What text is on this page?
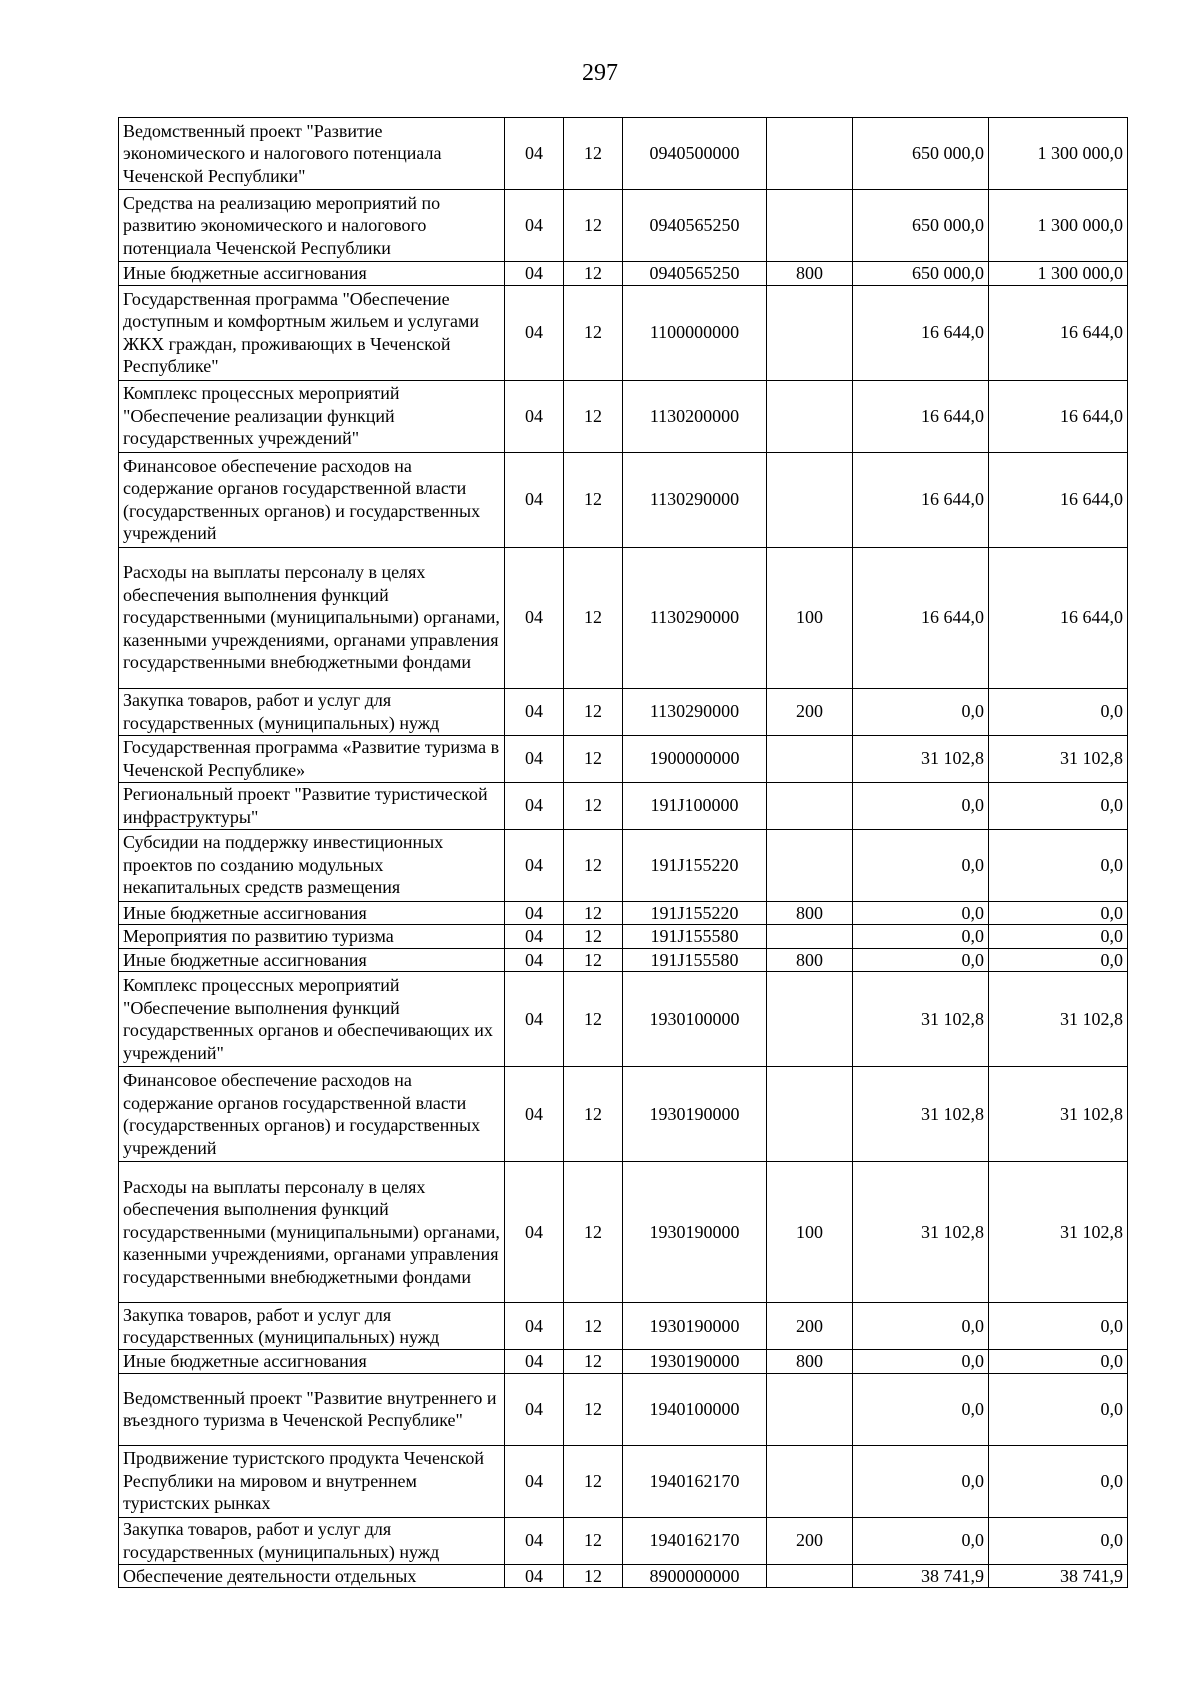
297
Ведомственный проект "Развитие экономического и налогового потенциала Чеченской Республики"	04	12	0940500000		650 000,0	1 300 000,0
Средства на реализацию мероприятий по развитию экономического и налогового потенциала Чеченской Республики	04	12	0940565250		650 000,0	1 300 000,0
Иные бюджетные ассигнования	04	12	0940565250	800	650 000,0	1 300 000,0
Государственная программа "Обеспечение доступным и комфортным жильем и услугами ЖКХ граждан, проживающих в Чеченской Республике"	04	12	1100000000		16 644,0	16 644,0
Комплекс процессных мероприятий "Обеспечение реализации функций государственных учреждений"	04	12	1130200000		16 644,0	16 644,0
Финансовое обеспечение расходов на содержание органов государственной власти (государственных органов) и государственных учреждений	04	12	1130290000		16 644,0	16 644,0
Расходы на выплаты персоналу в целях обеспечения выполнения функций государственными (муниципальными) органами, казенными учреждениями, органами управления государственными внебюджетными фондами	04	12	1130290000	100	16 644,0	16 644,0
Закупка товаров, работ и услуг для государственных (муниципальных) нужд	04	12	1130290000	200	0,0	0,0
Государственная программа «Развитие туризма в Чеченской Республике»	04	12	1900000000		31 102,8	31 102,8
Региональный проект "Развитие туристической инфраструктуры"	04	12	191J100000		0,0	0,0
Субсидии на поддержку инвестиционных проектов по созданию модульных некапитальных средств размещения	04	12	191J155220		0,0	0,0
Иные бюджетные ассигнования	04	12	191J155220	800	0,0	0,0
Мероприятия по развитию туризма	04	12	191J155580		0,0	0,0
Иные бюджетные ассигнования	04	12	191J155580	800	0,0	0,0
Комплекс процессных мероприятий "Обеспечение выполнения функций государственных органов и обеспечивающих их учреждений"	04	12	1930100000		31 102,8	31 102,8
Финансовое обеспечение расходов на содержание органов государственной власти (государственных органов) и государственных учреждений	04	12	1930190000		31 102,8	31 102,8
Расходы на выплаты персоналу в целях обеспечения выполнения функций государственными (муниципальными) органами, казенными учреждениями, органами управления государственными внебюджетными фондами	04	12	1930190000	100	31 102,8	31 102,8
Закупка товаров, работ и услуг для государственных (муниципальных) нужд	04	12	1930190000	200	0,0	0,0
Иные бюджетные ассигнования	04	12	1930190000	800	0,0	0,0
Ведомственный проект "Развитие внутреннего и въездного туризма в Чеченской Республике"	04	12	1940100000		0,0	0,0
Продвижение туристского продукта Чеченской Республики на мировом и внутреннем туристских рынках	04	12	1940162170		0,0	0,0
Закупка товаров, работ и услуг для государственных (муниципальных) нужд	04	12	1940162170	200	0,0	0,0
Обеспечение деятельности отдельных	04	12	8900000000		38 741,9	38 741,9
